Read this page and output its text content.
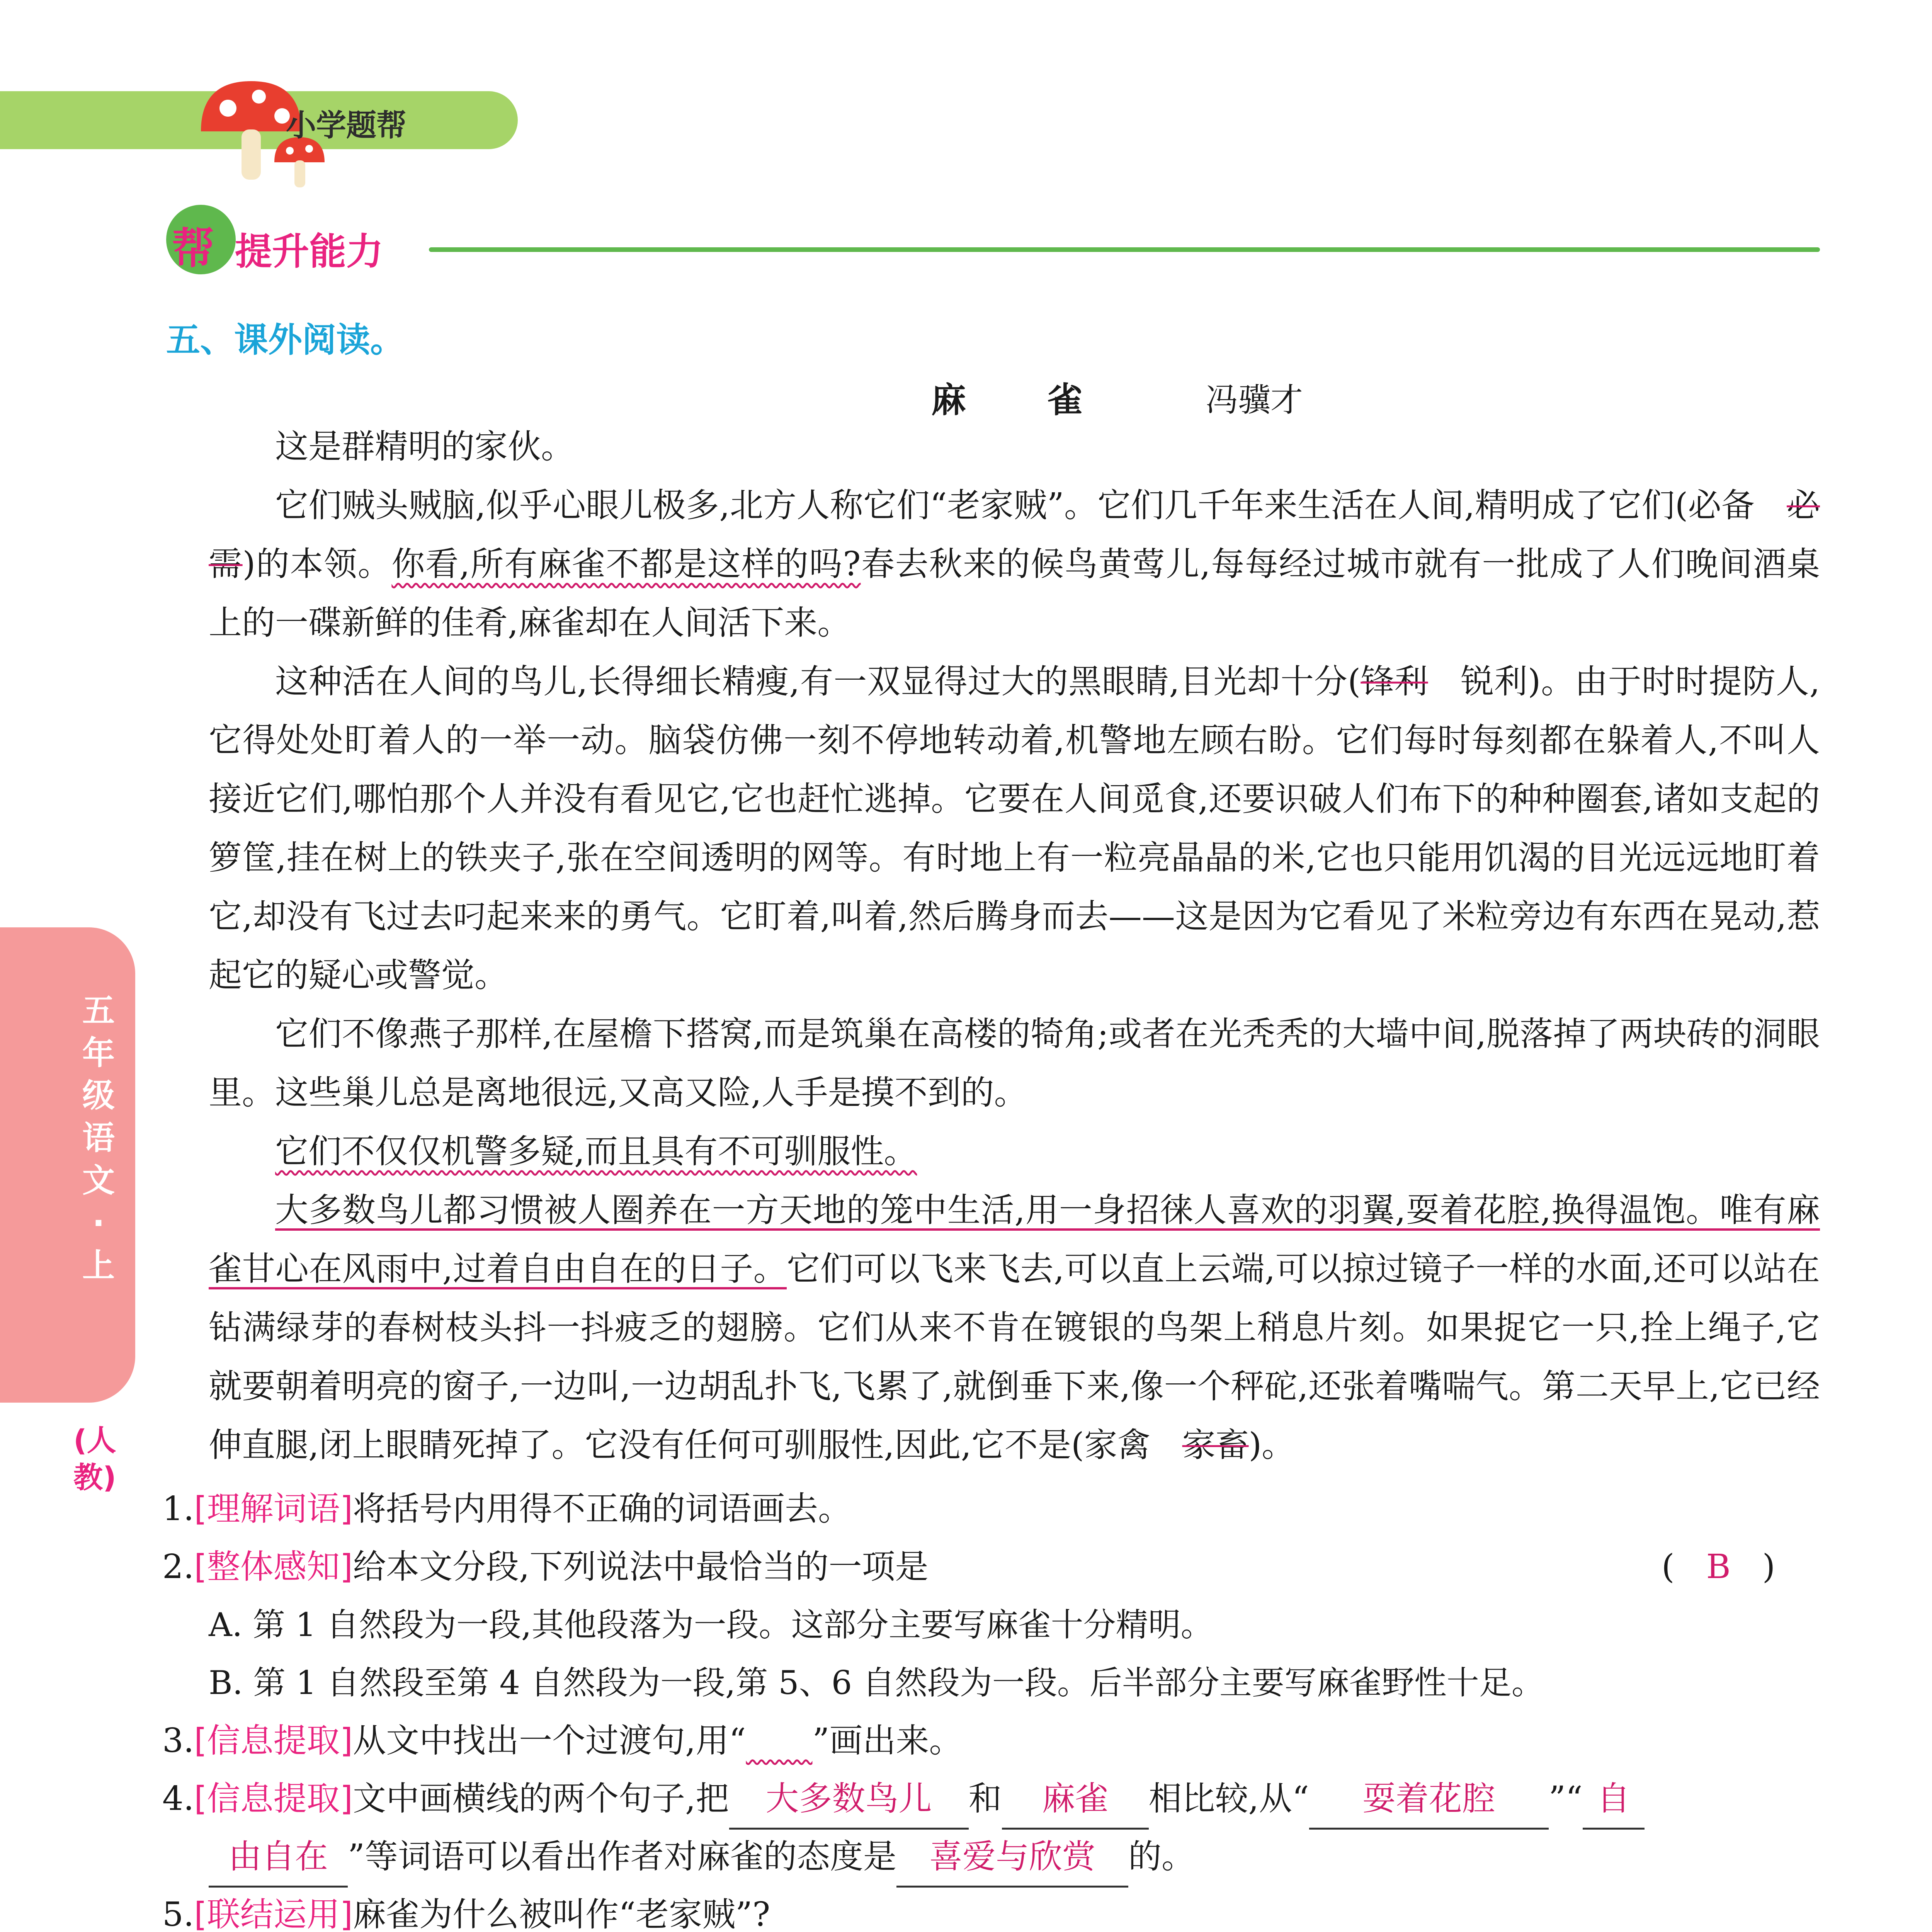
小学题帮
帮 提升能力
五年级语文·上
(人教)
五、课外阅读。
麻 雀	冯骥才

这是群精明的家伙。

它们贼头贼脑,似乎心眼儿极多,北方人称它们“老家贼”。它们几千年来生活在人间,精明成了它们(必备 必需)的本领。你看,所有麻雀不都是这样的吗?春去秋来的候鸟黄莺儿,每每经过城市就有一批成了人们晚间酒桌上的一碟新鲜的佳肴,麻雀却在人间活下来。

这种活在人间的鸟儿,长得细长精瘦,有一双显得过大的黑眼睛,目光却十分(锋利 锐利)。由于时时提防人,它得处处盯着人的一举一动。脑袋仿佛一刻不停地转动着,机警地左顾右盼。它们每时每刻都在躲着人,不叫人接近它们,哪怕那个人并没有看见它,它也赶忙逃掉。它要在人间觅食,还要识破人们布下的种种圈套,诸如支起的箩筐,挂在树上的铁夹子,张在空间透明的网等。有时地上有一粒亮晶晶的米,它也只能用饥渴的目光远远地盯着它,却没有飞过去叼起来来的勇气。它盯着,叫着,然后腾身而去——这是因为它看见了米粒旁边有东西在晃动,惹起它的疑心或警觉。

它们不像燕子那样,在屋檐下搭窝,而是筑巢在高楼的犄角;或者在光秃秃的大墙中间,脱落掉了两块砖的洞眼里。这些巢儿总是离地很远,又高又险,人手是摸不到的。

它们不仅仅机警多疑,而且具有不可驯服性。

大多数鸟儿都习惯被人圈养在一方天地的笼中生活,用一身招徕人喜欢的羽翼,耍着花腔,换得温饱。唯有麻雀甘心在风雨中,过着自由自在的日子。它们可以飞来飞去,可以直上云端,可以掠过镜子一样的水面,还可以站在钻满绿芽的春树枝头抖一抖疲乏的翅膀。它们从来不肯在镀银的鸟架上稍息片刻。如果捉它一只,拴上绳子,它就要朝着明亮的窗子,一边叫,一边胡乱扑飞,飞累了,就倒垂下来,像一个秤砣,还张着嘴喘气。第二天早上,它已经伸直腿,闭上眼睛死掉了。它没有任何可驯服性,因此,它不是(家禽 家畜)。

1.[理解词语]将括号内用得不正确的词语画去。
2.[整体感知]给本文分段,下列说法中最恰当的一项是	(   B   )
A. 第 1 自然段为一段,其他段落为一段。这部分主要写麻雀十分精明。
B. 第 1 自然段至第 4 自然段为一段,第 5、6 自然段为一段。后半部分主要写麻雀野性十足。
3.[信息提取]从文中找出一个过渡句,用“　　 ”画出来。
4.[信息提取]文中画横线的两个句子,把 大多数鸟儿 和 麻雀 相比较,从“ 耍着花腔 ”“ 自
由自在 ”等词语可以看出作者对麻雀的态度是 喜爱与欣赏 的。
5.[联结运用]麻雀为什么被叫作“老家贼”?
